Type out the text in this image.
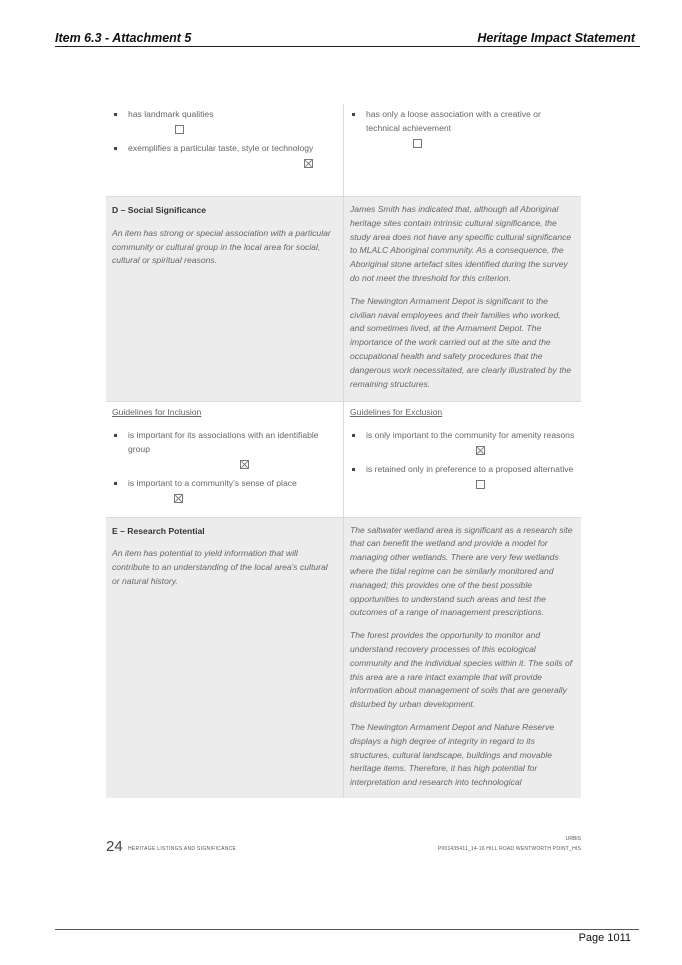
Item 6.3 - Attachment 5	Heritage Impact Statement
has landmark qualities
exemplifies a particular taste, style or technology
has only a loose association with a creative or technical achievement
D – Social Significance
An item has strong or special association with a particular community or cultural group in the local area for social, cultural or spiritual reasons.
James Smith has indicated that, although all Aboriginal heritage sites contain intrinsic cultural significance, the study area does not have any specific cultural significance to MLALC Aboriginal community. As a consequence, the Aboriginal stone artefact sites identified during the survey do not meet the threshold for this criterion.
The Newington Armament Depot is significant to the civilian naval employees and their families who worked, and sometimes lived, at the Armament Depot. The importance of the work carried out at the site and the occupational health and safety procedures that the dangerous work necessitated, are clearly illustrated by the remaining structures.
Guidelines for Inclusion
is important for its associations with an identifiable group
is important to a community's sense of place
Guidelines for Exclusion
is only important to the community for amenity reasons
is retained only in preference to a proposed alternative
E – Research Potential
An item has potential to yield information that will contribute to an understanding of the local area's cultural or natural history.
The saltwater wetland area is significant as a research site that can benefit the wetland and provide a model for managing other wetlands. There are very few wetlands where the tidal regime can be similarly monitored and managed; this provides one of the best possible opportunities to understand such areas and test the outcomes of a range of management prescriptions.
The forest provides the opportunity to monitor and understand recovery processes of this ecological community and the individual species within it. The soils of this area are a rare intact example that will provide information about management of soils that are generally disturbed by urban development.
The Newington Armament Depot and Nature Reserve displays a high degree of integrity in regard to its structures, cultural landscape, buildings and movable heritage items. Therefore, it has high potential for interpretation and research into technological
24 HERITAGE LISTINGS AND SIGNIFICANCE
URBIS
P0014354​11_14-16 HILL ROAD WENTWORTH POINT_HIS
Page 1011
